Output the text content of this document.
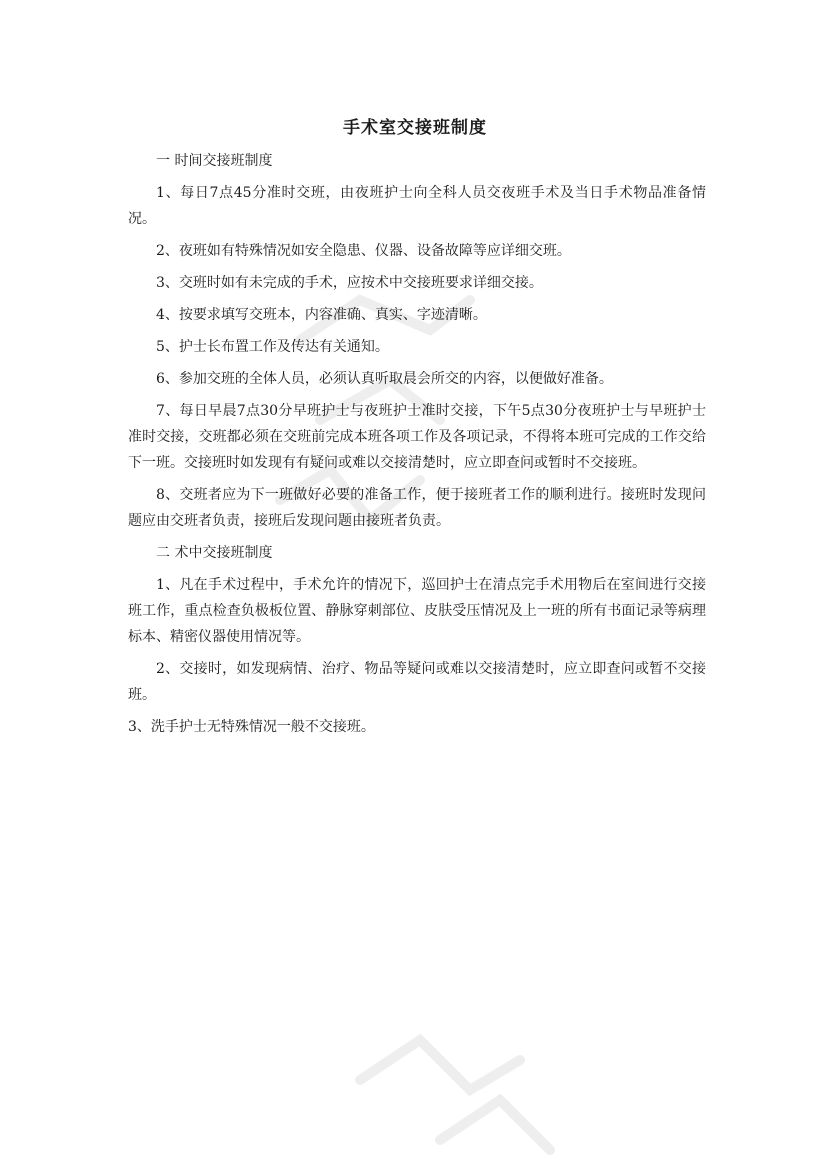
手术室交接班制度
一 时间交接班制度

1、每日7点45分准时交班，由夜班护士向全科人员交夜班手术及当日手术物品准备情况。

2、夜班如有特殊情况如安全隐患、仪器、设备故障等应详细交班。

3、交班时如有未完成的手术，应按术中交接班要求详细交接。

4、按要求填写交班本，内容准确、真实、字迹清晰。

5、护士长布置工作及传达有关通知。

6、参加交班的全体人员，必须认真听取晨会所交的内容，以便做好准备。

7、每日早晨7点30分早班护士与夜班护士准时交接，下午5点30分夜班护士与早班护士准时交接，交班都必须在交班前完成本班各项工作及各项记录，不得将本班可完成的工作交给下一班。交接班时如发现有有疑问或难以交接清楚时，应立即查问或暂时不交接班。

8、交班者应为下一班做好必要的准备工作，便于接班者工作的顺利进行。接班时发现问题应由交班者负责，接班后发现问题由接班者负责。

二 术中交接班制度

1、凡在手术过程中，手术允许的情况下，巡回护士在清点完手术用物后在室间进行交接班工作，重点检查负极板位置、静脉穿刺部位、皮肤受压情况及上一班的所有书面记录等病理标本、精密仪器使用情况等。

2、交接时，如发现病情、治疗、物品等疑问或难以交接清楚时，应立即查问或暂不交接班。

3、洗手护士无特殊情况一般不交接班。
